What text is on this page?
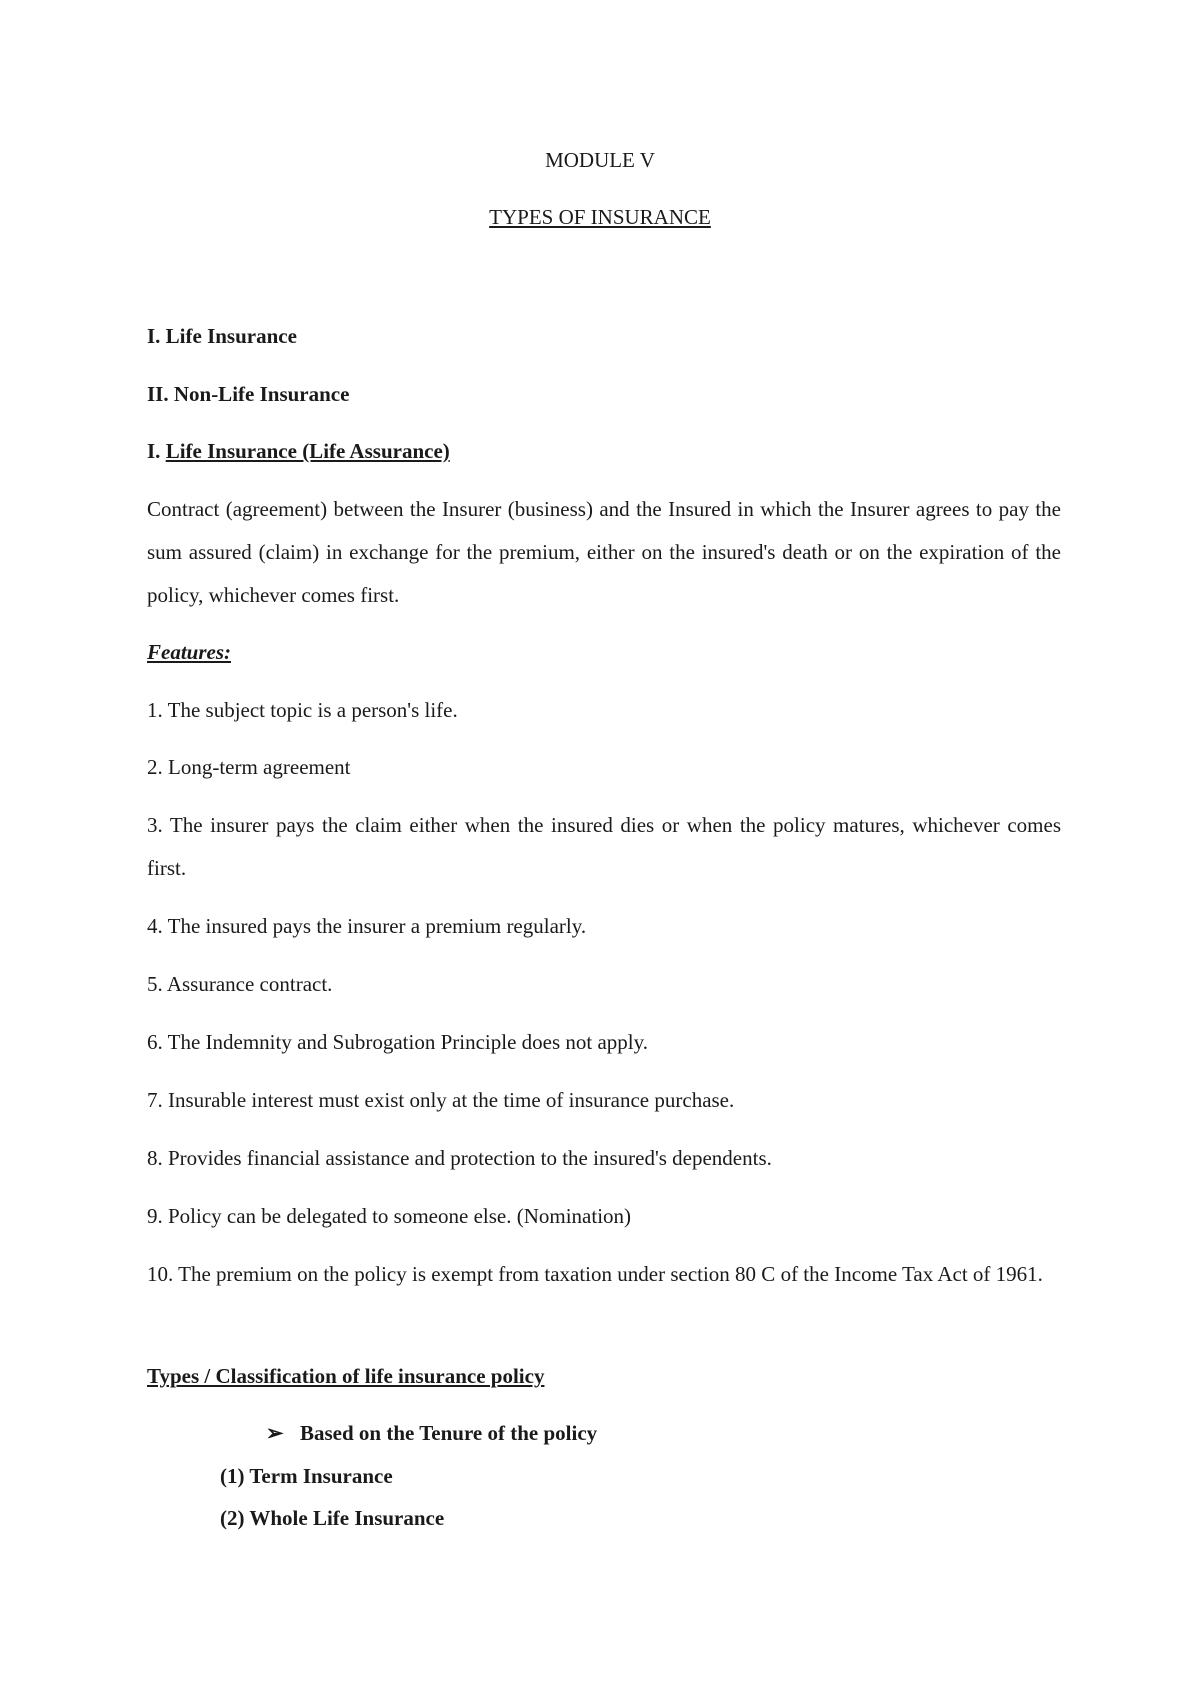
MODULE V
TYPES OF INSURANCE
I. Life Insurance
II. Non-Life Insurance
I. Life Insurance (Life Assurance)
Contract (agreement) between the Insurer (business) and the Insured in which the Insurer agrees to pay the sum assured (claim) in exchange for the premium, either on the insured's death or on the expiration of the policy, whichever comes first.
Features:
1. The subject topic is a person's life.
2. Long-term agreement
3. The insurer pays the claim either when the insured dies or when the policy matures, whichever comes first.
4. The insured pays the insurer a premium regularly.
5. Assurance contract.
6. The Indemnity and Subrogation Principle does not apply.
7. Insurable interest must exist only at the time of insurance purchase.
8. Provides financial assistance and protection to the insured's dependents.
9. Policy can be delegated to someone else. (Nomination)
10. The premium on the policy is exempt from taxation under section 80 C of the Income Tax Act of 1961.
Types / Classification of life insurance policy
➢ Based on the Tenure of the policy
(1) Term Insurance
(2) Whole Life Insurance
